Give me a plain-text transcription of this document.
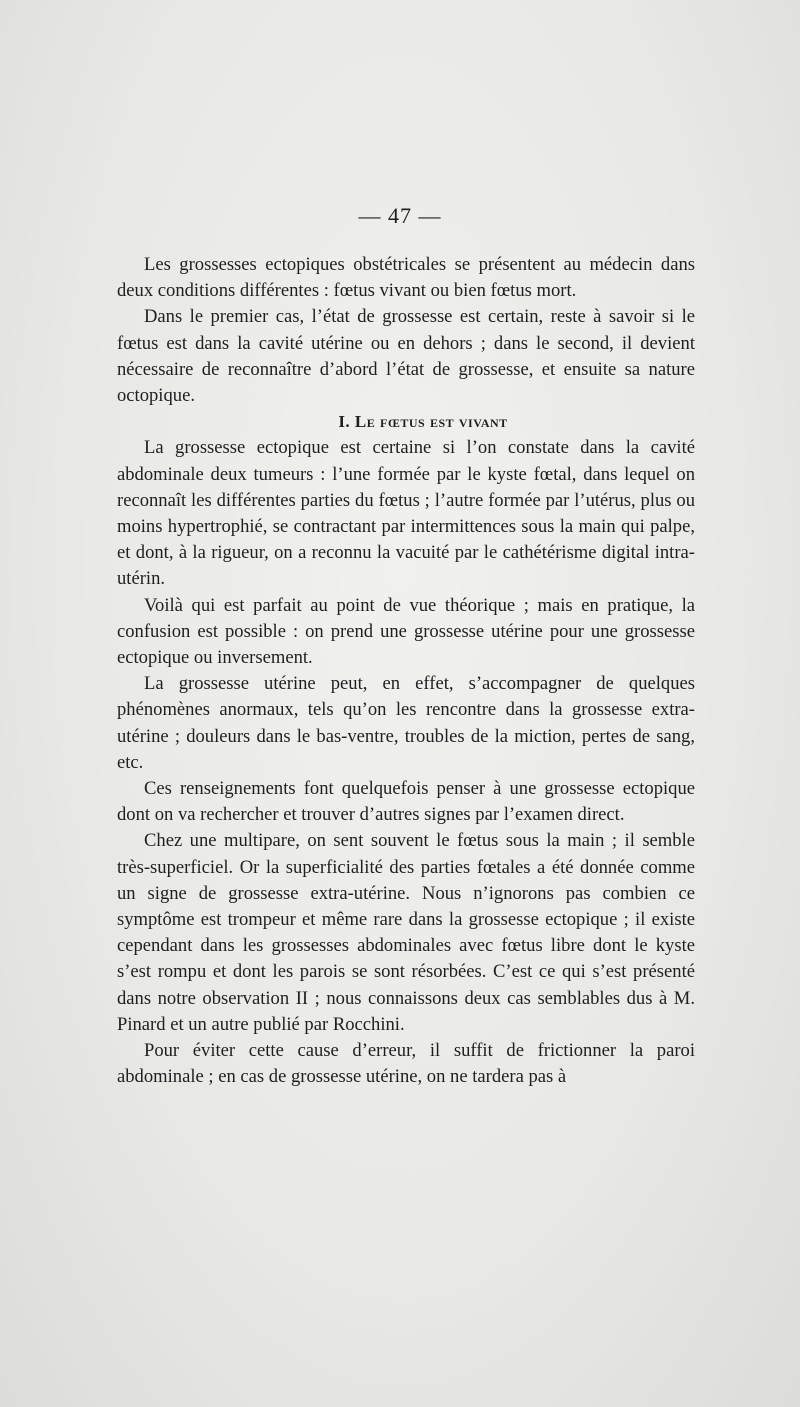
— 47 —

Les grossesses ectopiques obstétricales se présentent au médecin dans deux conditions différentes : fœtus vivant ou bien fœtus mort.

Dans le premier cas, l’état de grossesse est certain, reste à savoir si le fœtus est dans la cavité utérine ou en dehors ; dans le second, il devient nécessaire de reconnaître d’abord l’état de grossesse, et ensuite sa nature octopique.

I. Le fœtus est vivant

La grossesse ectopique est certaine si l’on constate dans la cavité abdominale deux tumeurs : l’une formée par le kyste fœtal, dans lequel on reconnaît les différentes parties du fœtus ; l’autre formée par l’utérus, plus ou moins hypertrophié, se contractant par intermittences sous la main qui palpe, et dont, à la rigueur, on a reconnu la vacuité par le cathétérisme digital intra-utérin.

Voilà qui est parfait au point de vue théorique ; mais en pratique, la confusion est possible : on prend une grossesse utérine pour une grossesse ectopique ou inversement.

La grossesse utérine peut, en effet, s’accompagner de quelques phénomènes anormaux, tels qu’on les rencontre dans la grossesse extra-utérine ; douleurs dans le bas-ventre, troubles de la miction, pertes de sang, etc.

Ces renseignements font quelquefois penser à une grossesse ectopique dont on va rechercher et trouver d’autres signes par l’examen direct.

Chez une multipare, on sent souvent le fœtus sous la main ; il semble très-superficiel. Or la superficialité des parties fœtales a été donnée comme un signe de grossesse extra-utérine. Nous n’ignorons pas combien ce symptôme est trompeur et même rare dans la grossesse ectopique ; il existe cependant dans les grossesses abdominales avec fœtus libre dont le kyste s’est rompu et dont les parois se sont résorbées. C’est ce qui s’est présenté dans notre observation II ; nous connaissons deux cas semblables dus à M. Pinard et un autre publié par Rocchini.

Pour éviter cette cause d’erreur, il suffit de frictionner la paroi abdominale ; en cas de grossesse utérine, on ne tardera pas à
